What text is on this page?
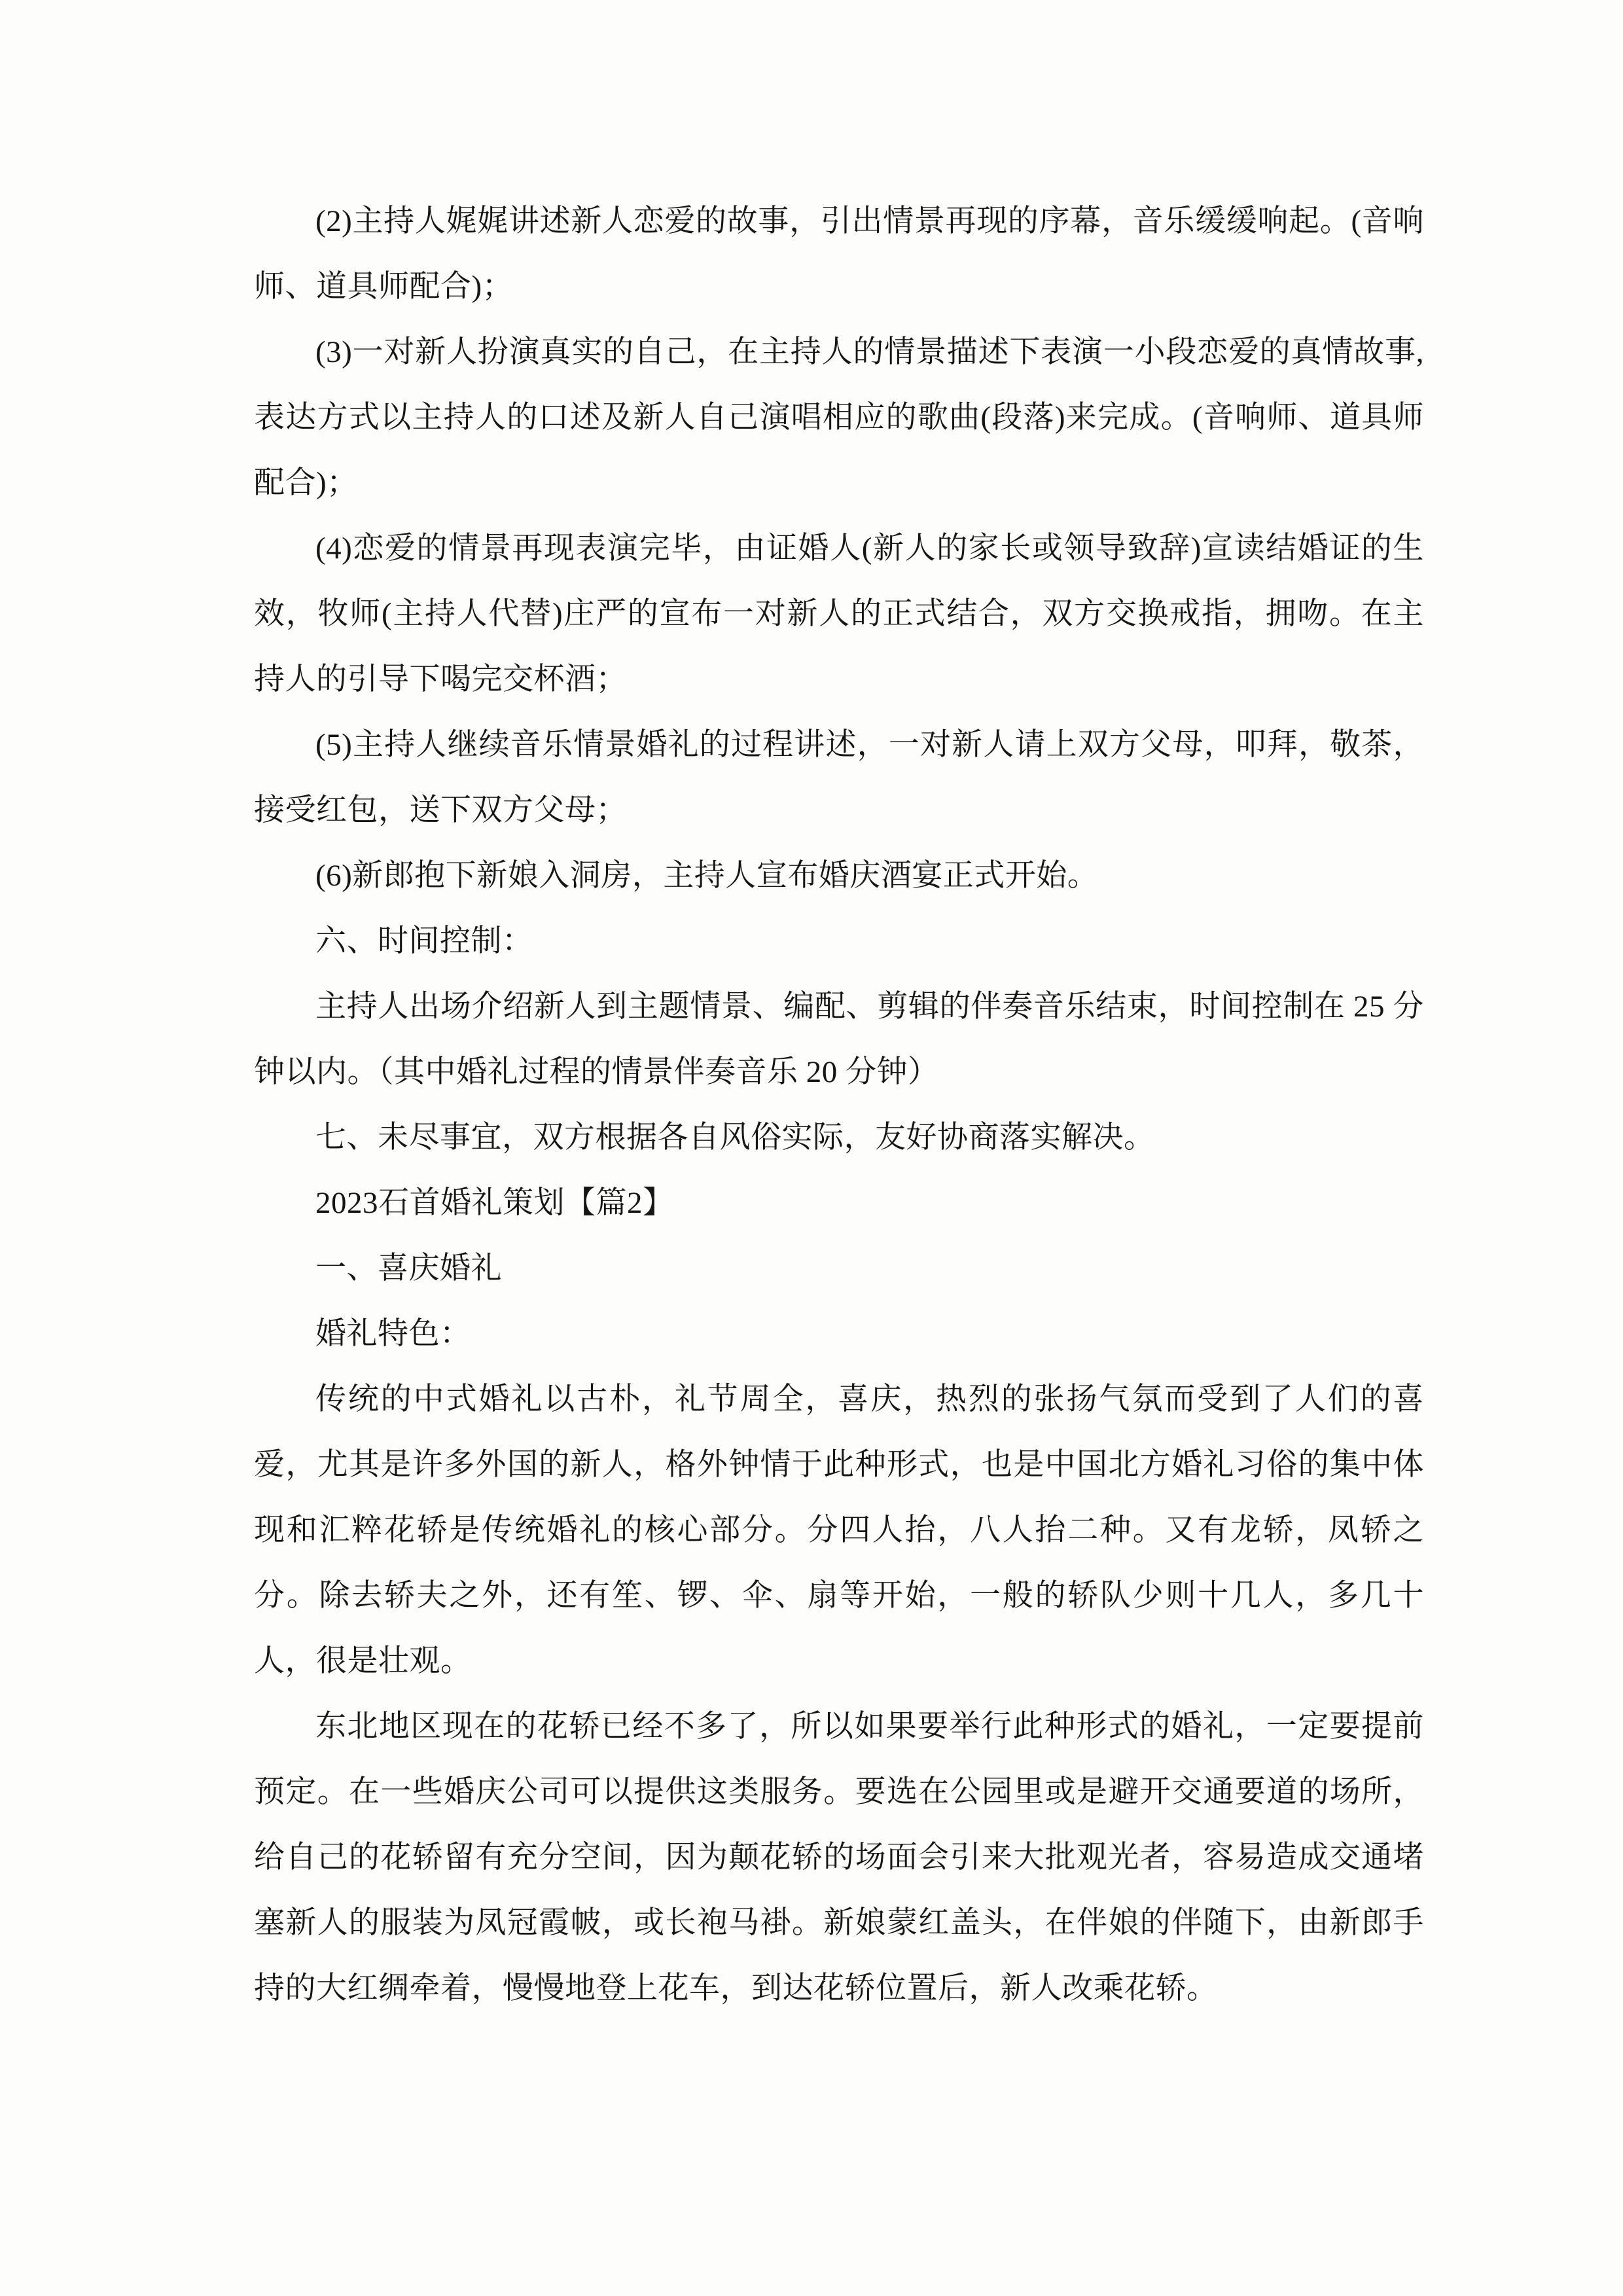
(2)主持人娓娓讲述新人恋爱的故事，引出情景再现的序幕，音乐缓缓响起。(音响师、道具师配合)；

(3)一对新人扮演真实的自己，在主持人的情景描述下表演一小段恋爱的真情故事,表达方式以主持人的口述及新人自己演唱相应的歌曲(段落)来完成。(音响师、道具师配合)；

(4)恋爱的情景再现表演完毕，由证婚人(新人的家长或领导致辞)宣读结婚证的生效，牧师(主持人代替)庄严的宣布一对新人的正式结合，双方交换戒指，拥吻。在主持人的引导下喝完交杯酒；

(5)主持人继续音乐情景婚礼的过程讲述，一对新人请上双方父母，叩拜，敬茶，接受红包，送下双方父母；

(6)新郎抱下新娘入洞房，主持人宣布婚庆酒宴正式开始。

六、时间控制：

主持人出场介绍新人到主题情景、编配、剪辑的伴奏音乐结束，时间控制在 25 分钟以内。（其中婚礼过程的情景伴奏音乐 20 分钟）

七、未尽事宜，双方根据各自风俗实际，友好协商落实解决。

2023石首婚礼策划【篇2】

一、喜庆婚礼

婚礼特色：

传统的中式婚礼以古朴，礼节周全，喜庆，热烈的张扬气氛而受到了人们的喜爱，尤其是许多外国的新人，格外钟情于此种形式，也是中国北方婚礼习俗的集中体现和汇粹花轿是传统婚礼的核心部分。分四人抬，八人抬二种。又有龙轿，凤轿之分。除去轿夫之外，还有笙、锣、伞、扇等开始，一般的轿队少则十几人，多几十人，很是壮观。

东北地区现在的花轿已经不多了，所以如果要举行此种形式的婚礼，一定要提前预定。在一些婚庆公司可以提供这类服务。要选在公园里或是避开交通要道的场所，给自己的花轿留有充分空间，因为颠花轿的场面会引来大批观光者，容易造成交通堵塞新人的服装为凤冠霞帔，或长袍马褂。新娘蒙红盖头，在伴娘的伴随下，由新郎手持的大红绸牵着，慢慢地登上花车，到达花轿位置后，新人改乘花轿。
